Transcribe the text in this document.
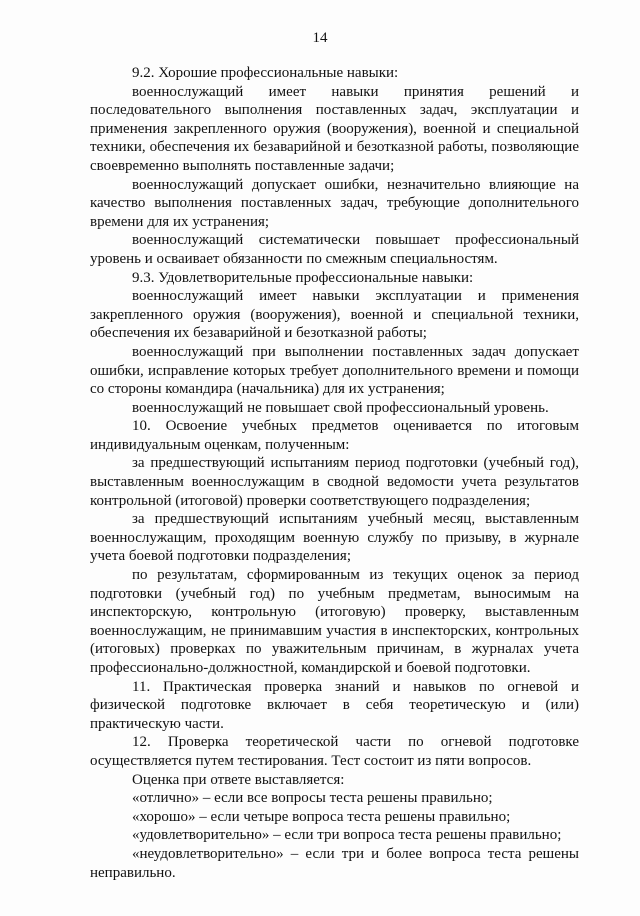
14

9.2. Хорошие профессиональные навыки:

военнослужащий имеет навыки принятия решений и последовательного выполнения поставленных задач, эксплуатации и применения закрепленного оружия (вооружения), военной и специальной техники, обеспечения их безаварийной и безотказной работы, позволяющие своевременно выполнять поставленные задачи;

военнослужащий допускает ошибки, незначительно влияющие на качество выполнения поставленных задач, требующие дополнительного времени для их устранения;

военнослужащий систематически повышает профессиональный уровень и осваивает обязанности по смежным специальностям.

9.3. Удовлетворительные профессиональные навыки:

военнослужащий имеет навыки эксплуатации и применения закрепленного оружия (вооружения), военной и специальной техники, обеспечения их безаварийной и безотказной работы;

военнослужащий при выполнении поставленных задач допускает ошибки, исправление которых требует дополнительного времени и помощи со стороны командира (начальника) для их устранения;

военнослужащий не повышает свой профессиональный уровень.

10. Освоение учебных предметов оценивается по итоговым индивидуальным оценкам, полученным:

за предшествующий испытаниям период подготовки (учебный год), выставленным военнослужащим в сводной ведомости учета результатов контрольной (итоговой) проверки соответствующего подразделения;

за предшествующий испытаниям учебный месяц, выставленным военнослужащим, проходящим военную службу по призыву, в журнале учета боевой подготовки подразделения;

по результатам, сформированным из текущих оценок за период подготовки (учебный год) по учебным предметам, выносимым на инспекторскую, контрольную (итоговую) проверку, выставленным военнослужащим, не принимавшим участия в инспекторских, контрольных (итоговых) проверках по уважительным причинам, в журналах учета профессионально-должностной, командирской и боевой подготовки.

11. Практическая проверка знаний и навыков по огневой и физической подготовке включает в себя теоретическую и (или) практическую части.

12. Проверка теоретической части по огневой подготовке осуществляется путем тестирования. Тест состоит из пяти вопросов.

Оценка при ответе выставляется:

«отлично» – если все вопросы теста решены правильно;

«хорошо» – если четыре вопроса теста решены правильно;

«удовлетворительно» – если три вопроса теста решены правильно;

«неудовлетворительно» – если три и более вопроса теста решены неправильно.
